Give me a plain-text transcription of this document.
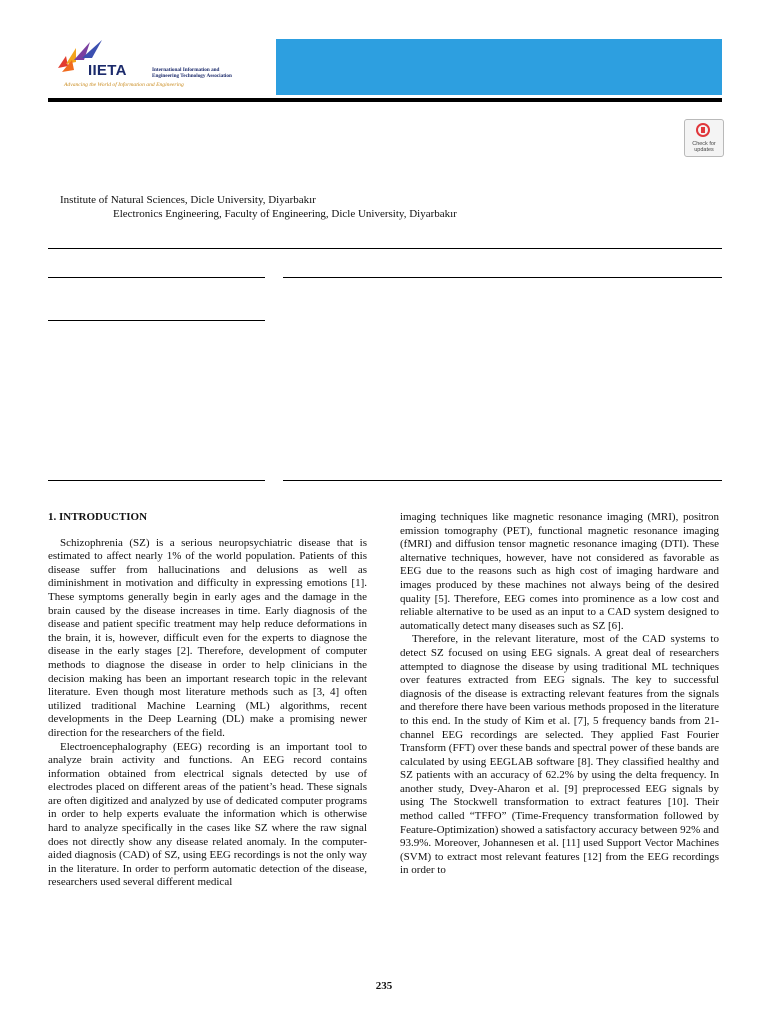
IIETA	International Information and
Engineering Technology Association
Advancing the World of Information and Engineering
Check for
updates
Institute of Natural Sciences, Dicle University, Diyarbakır
Electronics Engineering, Faculty of Engineering, Dicle University, Diyarbakır
1. INTRODUCTION

Schizophrenia (SZ) is a serious neuropsychiatric disease that is estimated to affect nearly 1% of the world population. Patients of this disease suffer from hallucinations and delusions as well as diminishment in motivation and difficulty in expressing emotions [1]. These symptoms generally begin in early ages and the damage in the brain caused by the disease increases in time. Early diagnosis of the disease and patient specific treatment may help reduce deformations in the brain, it is, however, difficult even for the experts to diagnose the disease in the early stages [2]. Therefore, development of computer methods to diagnose the disease in order to help clinicians in the decision making has been an important research topic in the relevant literature. Even though most literature methods such as [3, 4] often utilized traditional Machine Learning (ML) algorithms, recent developments in the Deep Learning (DL) make a promising newer direction for the researchers of the field.

Electroencephalography (EEG) recording is an important tool to analyze brain activity and functions. An EEG record contains information obtained from electrical signals detected by use of electrodes placed on different areas of the patient’s head. These signals are often digitized and analyzed by use of dedicated computer programs in order to help experts evaluate the information which is otherwise hard to analyze specifically in the cases like SZ where the raw signal does not directly show any disease related anomaly. In the computer-aided diagnosis (CAD) of SZ, using EEG recordings is not the only way in the literature. In order to perform automatic detection of the disease, researchers used several different medical

imaging techniques like magnetic resonance imaging (MRI), positron emission tomography (PET), functional magnetic resonance imaging (fMRI) and diffusion tensor magnetic resonance imaging (DTI). These alternative techniques, however, have not considered as favorable as EEG due to the reasons such as high cost of imaging hardware and images produced by these machines not always being of the desired quality [5]. Therefore, EEG comes into prominence as a low cost and reliable alternative to be used as an input to a CAD system designed to automatically detect many diseases such as SZ [6].

Therefore, in the relevant literature, most of the CAD systems to detect SZ focused on using EEG signals. A great deal of researchers attempted to diagnose the disease by using traditional ML techniques over features extracted from EEG signals. The key to successful diagnosis of the disease is extracting relevant features from the signals and therefore there have been various methods proposed in the literature to this end. In the study of Kim et al. [7], 5 frequency bands from 21-channel EEG recordings are selected. They applied Fast Fourier Transform (FFT) over these bands and spectral power of these bands are calculated by using EEGLAB software [8]. They classified healthy and SZ patients with an accuracy of 62.2% by using the delta frequency. In another study, Dvey-Aharon et al. [9] preprocessed EEG signals by using The Stockwell transformation to extract features [10]. Their method called “TFFO” (Time-Frequency transformation followed by Feature-Optimization) showed a satisfactory accuracy between 92% and 93.9%. Moreover, Johannesen et al. [11] used Support Vector Machines (SVM) to extract most relevant features [12] from the EEG recordings in order to

235
